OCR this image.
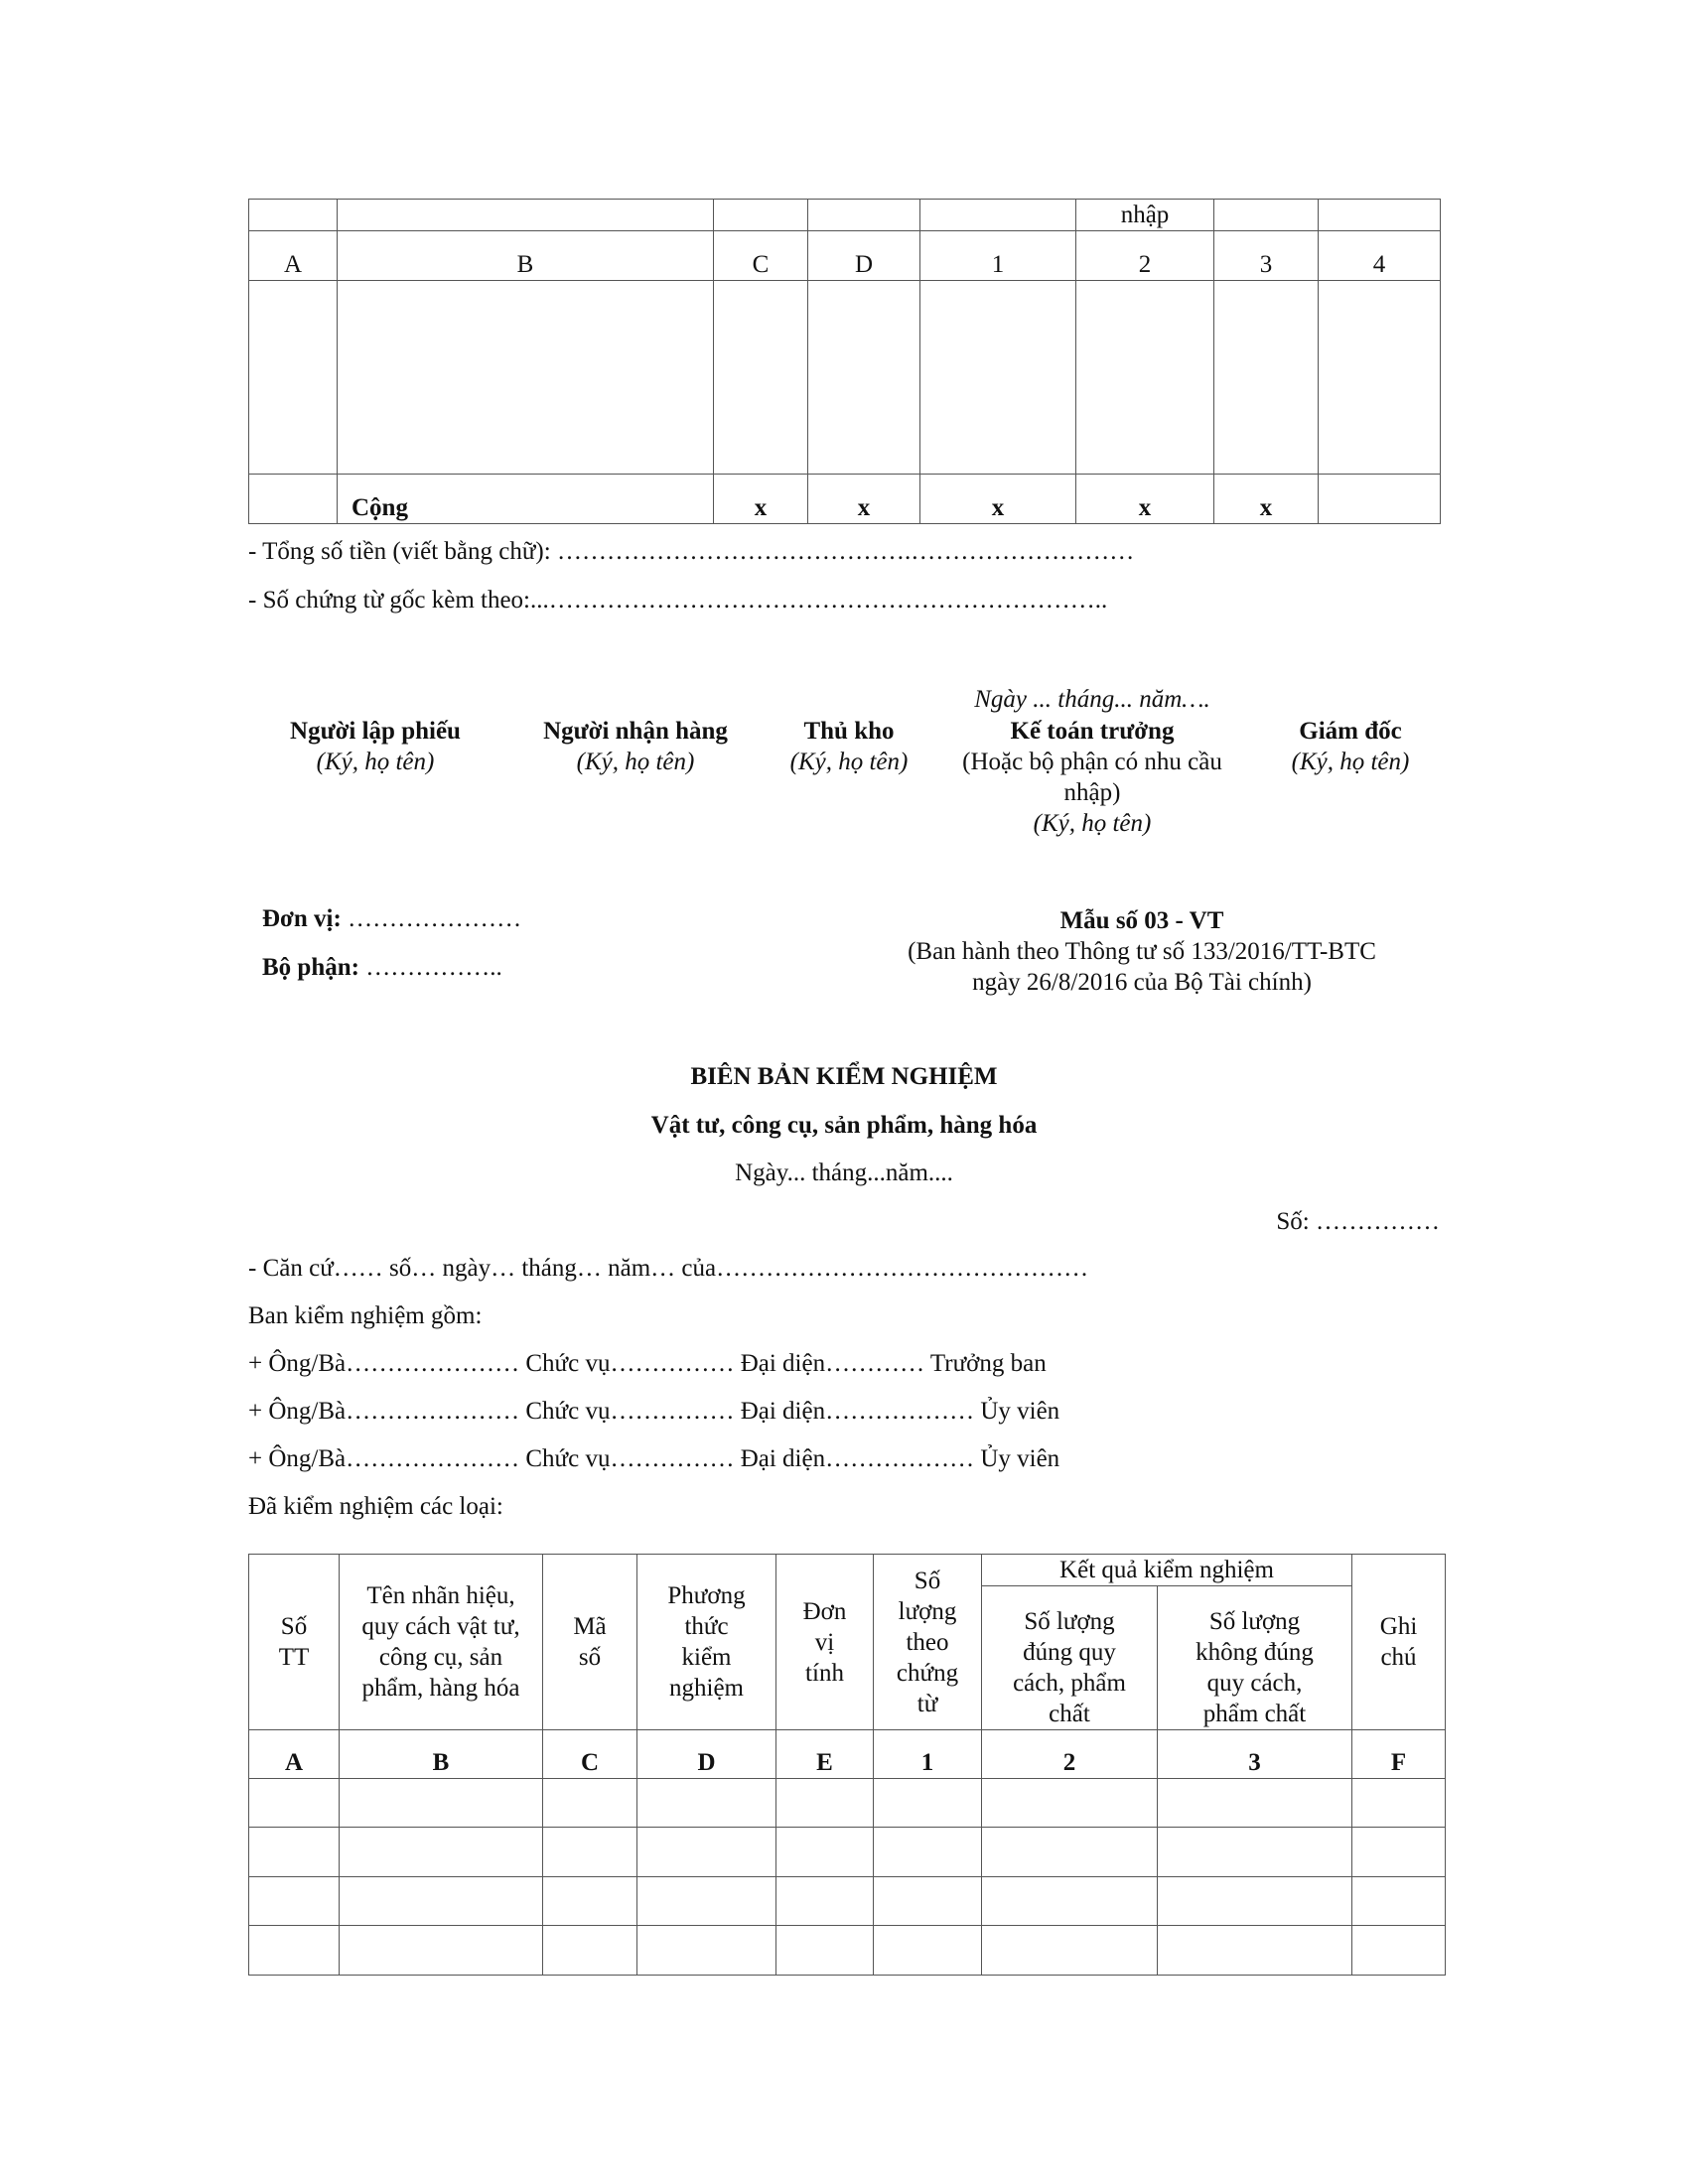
					nhập		
A	B	C	D	1	2	3	4

	Cộng	x	x	x	x	x	
- Tổng số tiền (viết bằng chữ): …………………………………….………………………
- Số chứng từ gốc kèm theo:...…………………………………………………………..
Ngày ... tháng... năm….
Người lập phiếu
(Ký, họ tên)
Người nhận hàng
(Ký, họ tên)
Thủ kho
(Ký, họ tên)
Kế toán trưởng
(Hoặc bộ phận có nhu cầu
nhập)
(Ký, họ tên)
Giám đốc
(Ký, họ tên)
Đơn vị: …………………
Bộ phận: ……………..
Mẫu số 03 - VT
(Ban hành theo Thông tư số 133/2016/TT-BTC
ngày 26/8/2016 của Bộ Tài chính)
BIÊN BẢN KIỂM NGHIỆM
Vật tư, công cụ, sản phẩm, hàng hóa
Ngày... tháng...năm....
Số: ……………
- Căn cứ…… số… ngày… tháng… năm… của………………………………………
Ban kiểm nghiệm gồm:
+ Ông/Bà………………… Chức vụ…………… Đại diện………… Trưởng ban
+ Ông/Bà………………… Chức vụ…………… Đại diện……………… Ủy viên
+ Ông/Bà………………… Chức vụ…………… Đại diện……………… Ủy viên
Đã kiểm nghiệm các loại:
Số TT	Tên nhãn hiệu, quy cách vật tư, công cụ, sản phẩm, hàng hóa	Mã số	Phương thức kiểm nghiệm	Đơn vị tính	Số lượng theo chứng từ	Kết quả kiểm nghiệm		Ghi chú
						Số lượng đúng quy cách, phẩm chất	Số lượng không đúng quy cách, phẩm chất	
A	B	C	D	E	1	2	3	F
